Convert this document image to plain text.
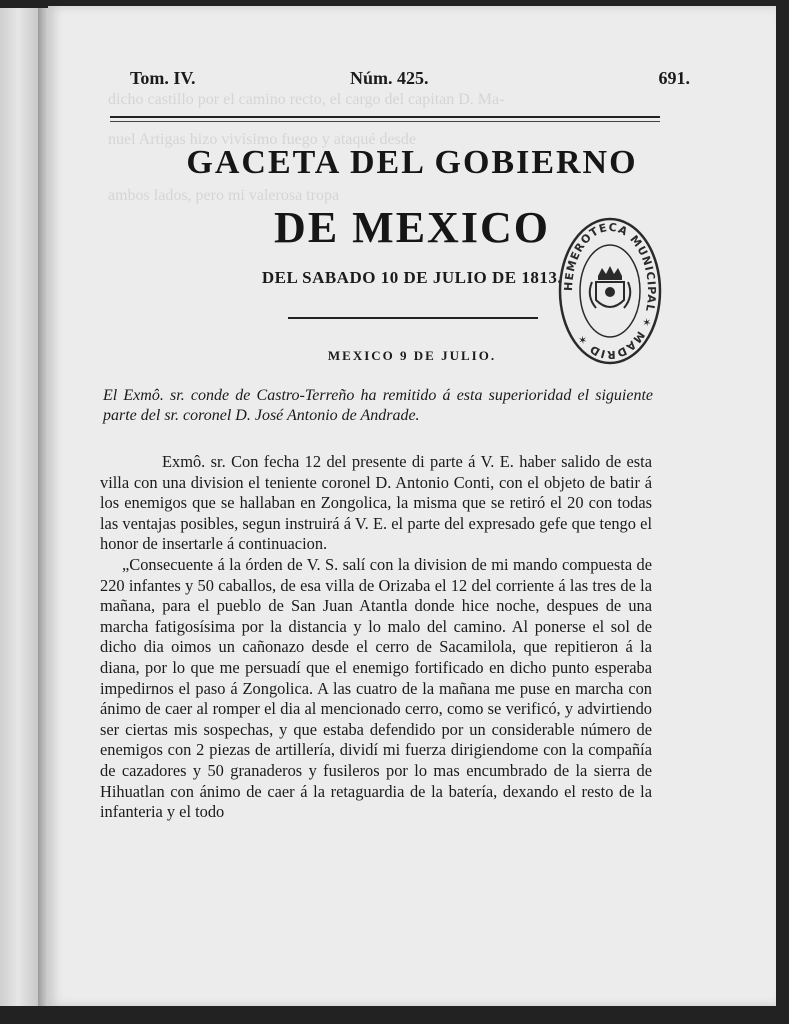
dicho castillo por el camino recto, el cargo del capitan D. Ma-
nuel Artigas hizo vivísimo fuego y ataqué desde
ambos lados, pero mi valerosa tropa
Tom. IV.	Núm. 425.	691.
GACETA DEL GOBIERNO
DE MEXICO
DEL SABADO 10 DE JULIO DE 1813. HEMEROTECA MUNICIPAL ✶ MADRID ✶
MEXICO 9 DE JULIO.

El Exmô. sr. conde de Castro-Terreño ha remitido á esta superioridad el siguiente parte del sr. coronel D. José Antonio de Andrade.

Exmô. sr. Con fecha 12 del presente di parte á V. E. haber salido de esta villa con una division el teniente coronel D. Antonio Conti, con el objeto de batir á los enemigos que se hallaban en Zongolica, la misma que se retiró el 20 con todas las ventajas posibles, segun instruirá á V. E. el parte del expresado gefe que tengo el honor de insertarle á continuacion.

„Consecuente á la órden de V. S. salí con la division de mi mando compuesta de 220 infantes y 50 caballos, de esa villa de Orizaba el 12 del corriente á las tres de la mañana, para el pueblo de San Juan Atantla donde hice noche, despues de una marcha fatigosísima por la distancia y lo malo del camino. Al ponerse el sol de dicho dia oimos un cañonazo desde el cerro de Sacamilola, que repitieron á la diana, por lo que me persuadí que el enemigo fortificado en dicho punto esperaba impedirnos el paso á Zongolica. A las cuatro de la mañana me puse en marcha con ánimo de caer al romper el dia al mencionado cerro, como se verificó, y advirtiendo ser ciertas mis sospechas, y que estaba defendido por un considerable número de enemigos con 2 piezas de artillería, dividí mi fuerza dirigiendome con la compañía de cazadores y 50 granaderos y fusileros por lo mas encumbrado de la sierra de Hihuatlan con ánimo de caer á la retaguardia de la batería, dexando el resto de la infanteria y el todo
